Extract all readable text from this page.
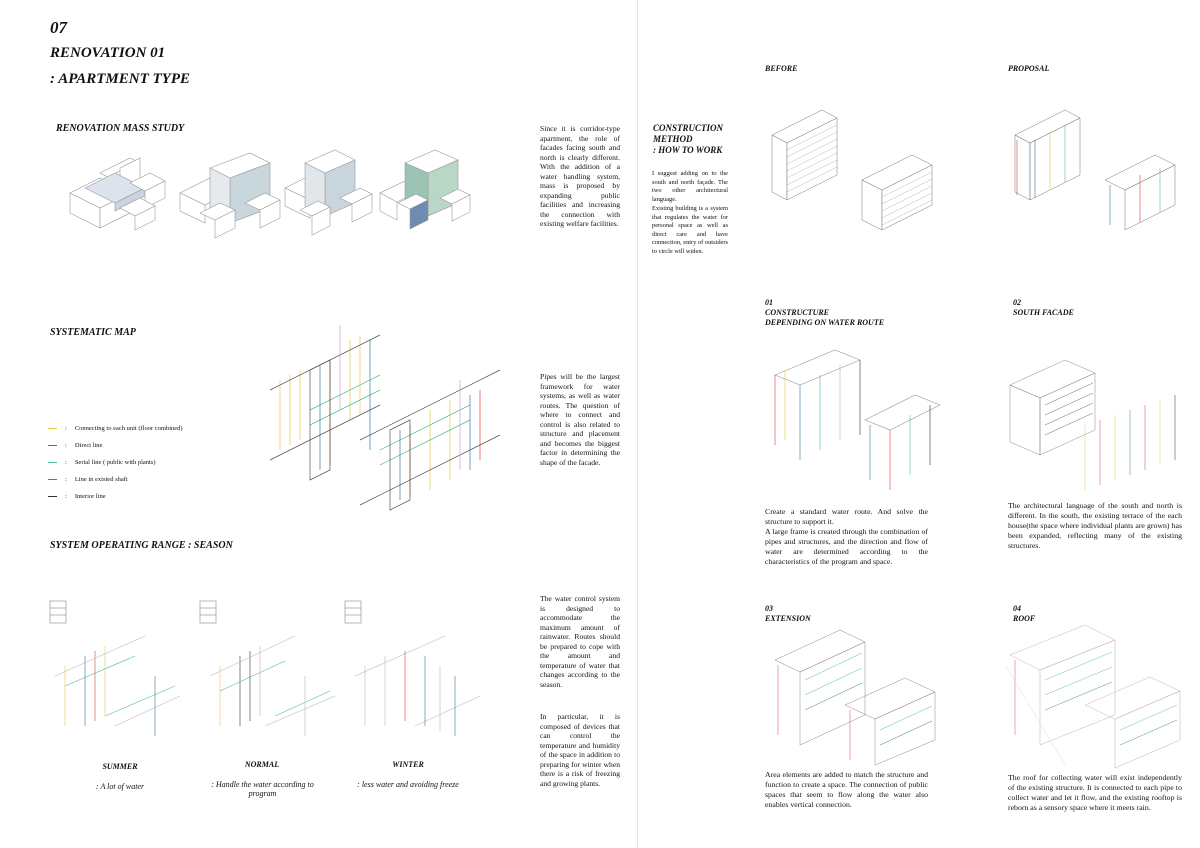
07
RENOVATION 01
: APARTMENT TYPE
RENOVATION MASS STUDY	Since it is corridor-type apartment, the role of facades facing south and north is clearly different. With the addition of a water handling system, mass is proposed by expanding public facilities and increasing the connection with existing welfare facilities.
SYSTEMATIC MAP
Pipes will be the largest framework for water systems, as well as water routes. The question of where to connect and control is also related to structure and placement and becomes the biggest factor in determining the shape of the facade.
: Connecting to each unit (floor combined)
: Direct line
: Serial line ( public with plants)
: Line in existed shaft
: Interior line
SYSTEM OPERATING RANGE : SEASON
SUMMER
: A lot of water
NORMAL
: Handle the water according to program
WINTER
: less water and avoiding freeze
The water control system is designed to accommodate the maximum amount of rainwater. Routes should be prepared to cope with the amount and temperature of water that changes according to the season.
In particular, it is composed of devices that can control the temperature and humidity of the space in addition to preparing for winter when there is a risk of freezing and growing plants.
CONSTRUCTION
METHOD
: HOW TO WORK
I suggest adding on to the south and north façade. The two other architectural language.
Existing building is a system that regulates the water for personal space as well as direct care and have connection, entry of outsiders to circle will widen.
BEFORE	PROPOSAL
01
CONSTRUCTURE
DEPENDING ON WATER ROUTE
Create a standard water route. And solve the structure to support it.
A large frame is created through the combination of pipes and structures, and the direction and flow of water are determined according to the characteristics of the program and space.
02
SOUTH FACADE
The architectural language of the south and north is different. In the south, the existing terrace of the each house(the space where individual plants are grown) has been expanded, reflecting many of the existing structures.
03
EXTENSION
Area elements are added to match the structure and function to create a space. The connection of public spaces that seem to flow along the water also enables vertical connection.
04
ROOF
The roof for collecting water will exist independently of the existing structure. It is connected to each pipe to collect water and let it flow, and the existing rooftop is reborn as a sensory space where it meets rain.
